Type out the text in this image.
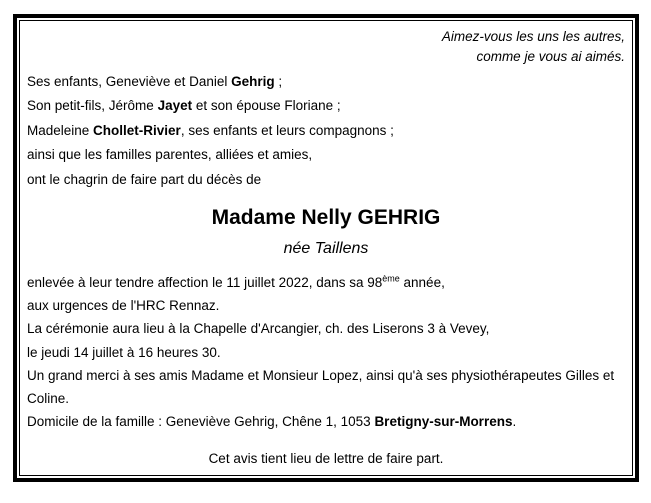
Aimez-vous les uns les autres,
comme je vous ai aimés.

Ses enfants, Geneviève et Daniel Gehrig ;

Son petit-fils, Jérôme Jayet et son épouse Floriane ;

Madeleine Chollet-Rivier, ses enfants et leurs compagnons ;

ainsi que les familles parentes, alliées et amies,

ont le chagrin de faire part du décès de

Madame Nelly GEHRIG
née Taillens

enlevée à leur tendre affection le 11 juillet 2022, dans sa 98ème année,

aux urgences de l'HRC Rennaz.

La cérémonie aura lieu à la Chapelle d'Arcangier, ch. des Liserons 3 à Vevey,

le jeudi 14 juillet à 16 heures 30.

Un grand merci à ses amis Madame et Monsieur Lopez, ainsi qu'à ses physiothérapeutes Gilles et

Coline.

Domicile de la famille : Geneviève Gehrig, Chêne 1, 1053 Bretigny-sur-Morrens.

Cet avis tient lieu de lettre de faire part.
